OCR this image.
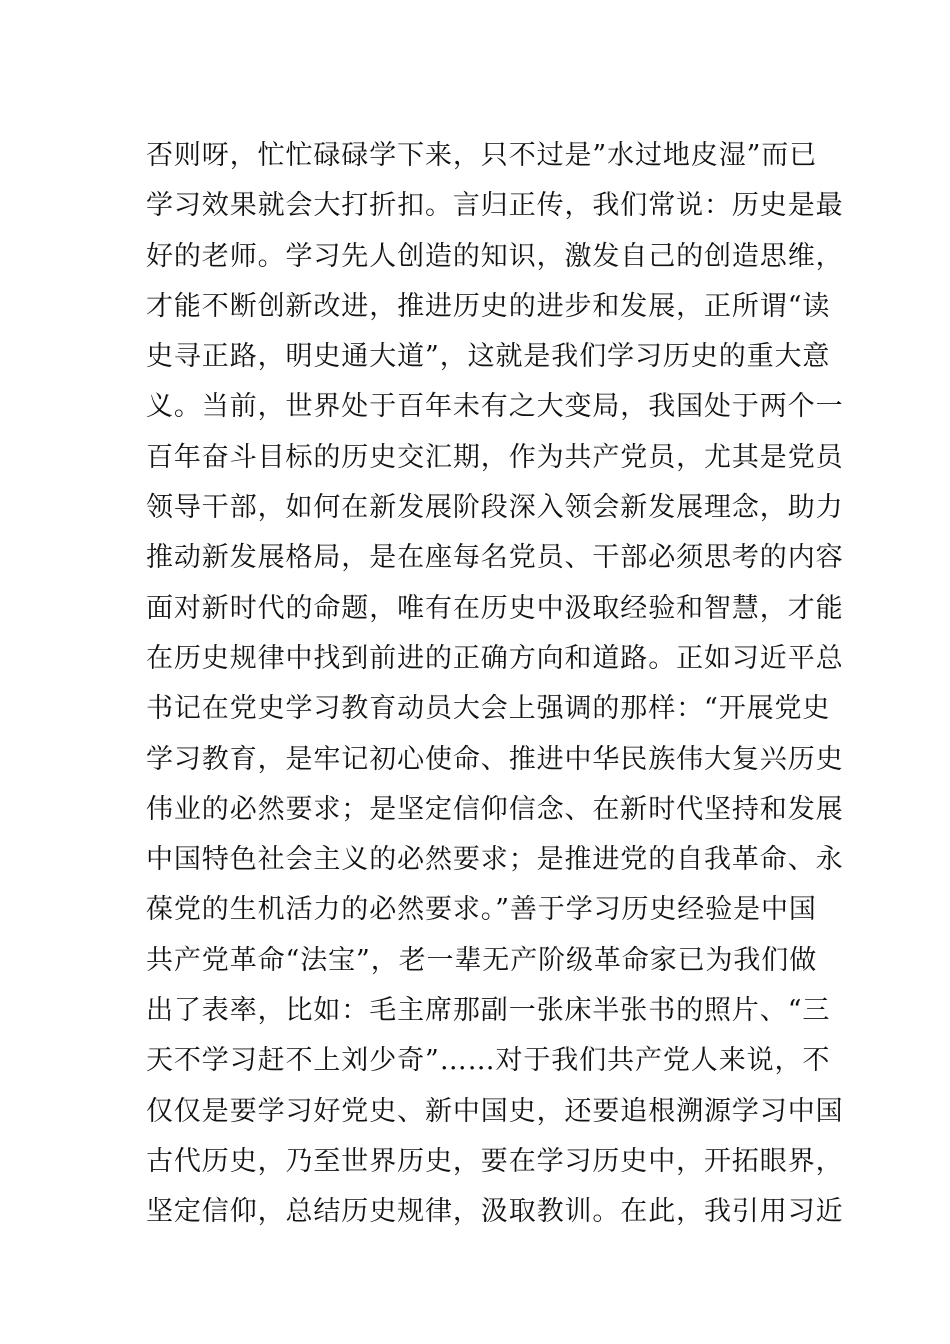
否则呀，忙忙碌碌学下来，只不过是”水过地皮湿”而已
学习效果就会大打折扣。言归正传，我们常说：历史是最
好的老师。学习先人创造的知识，激发自己的创造思维，
才能不断创新改进，推进历史的进步和发展，正所谓“读
史寻正路，明史通大道”，这就是我们学习历史的重大意
义。当前，世界处于百年未有之大变局，我国处于两个一
百年奋斗目标的历史交汇期，作为共产党员，尤其是党员
领导干部，如何在新发展阶段深入领会新发展理念，助力
推动新发展格局，是在座每名党员、干部必须思考的内容
面对新时代的命题，唯有在历史中汲取经验和智慧，才能
在历史规律中找到前进的正确方向和道路。正如习近平总
书记在党史学习教育动员大会上强调的那样：“开展党史
学习教育，是牢记初心使命、推进中华民族伟大复兴历史
伟业的必然要求；是坚定信仰信念、在新时代坚持和发展
中国特色社会主义的必然要求；是推进党的自我革命、永
葆党的生机活力的必然要求。”善于学习历史经验是中国
共产党革命“法宝”，老一辈无产阶级革命家已为我们做
出了表率，比如：毛主席那副一张床半张书的照片、“三
天不学习赶不上刘少奇”……对于我们共产党人来说，不
仅仅是要学习好党史、新中国史，还要追根溯源学习中国
古代历史，乃至世界历史，要在学习历史中，开拓眼界，
坚定信仰，总结历史规律，汲取教训。在此，我引用习近
